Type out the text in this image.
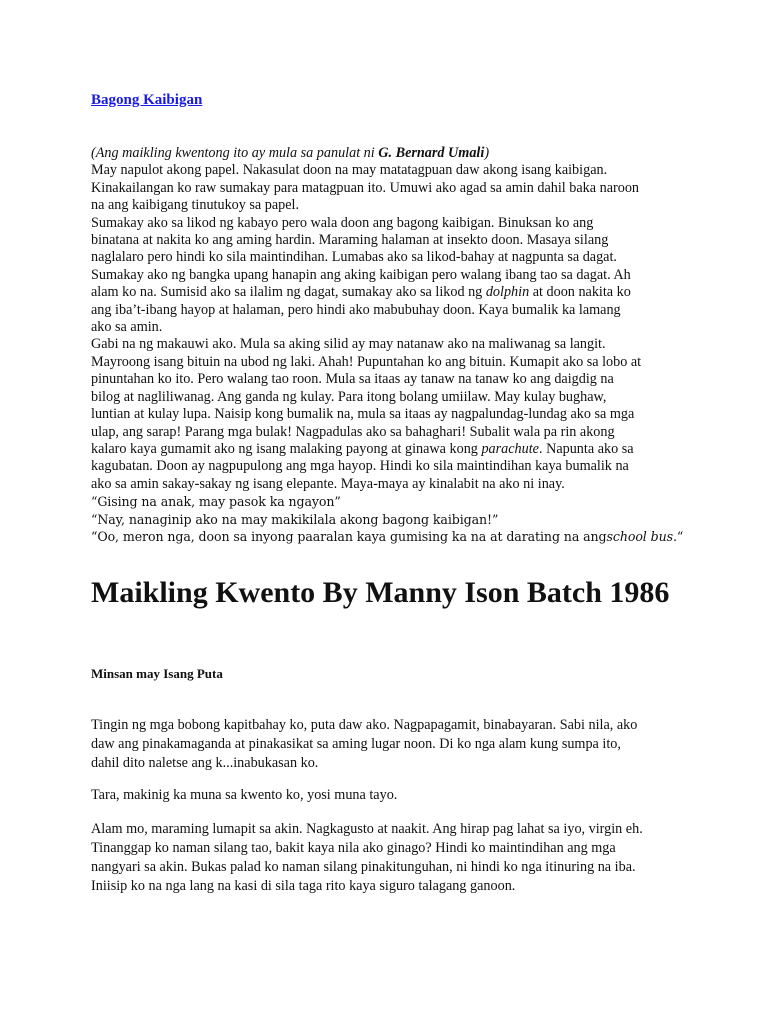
Bagong Kaibigan

(Ang maikling kwentong ito ay mula sa panulat ni G. Bernard Umali)

May napulot akong papel. Nakasulat doon na may matatagpuan daw akong isang kaibigan.
Kinakailangan ko raw sumakay para matagpuan ito. Umuwi ako agad sa amin dahil baka naroon
na ang kaibigang tinutukoy sa papel.

Sumakay ako sa likod ng kabayo pero wala doon ang bagong kaibigan. Binuksan ko ang
binatana at nakita ko ang aming hardin. Maraming halaman at insekto doon. Masaya silang
naglalaro pero hindi ko sila maintindihan. Lumabas ako sa likod-bahay at nagpunta sa dagat.
Sumakay ako ng bangka upang hanapin ang aking kaibigan pero walang ibang tao sa dagat. Ah
alam ko na. Sumisid ako sa ilalim ng dagat, sumakay ako sa likod ng dolphin at doon nakita ko
ang iba’t-ibang hayop at halaman, pero hindi ako mabubuhay doon. Kaya bumalik ka lamang
ako sa amin.

Gabi na ng makauwi ako. Mula sa aking silid ay may natanaw ako na maliwanag sa langit.
Mayroong isang bituin na ubod ng laki. Ahah! Pupuntahan ko ang bituin. Kumapit ako sa lobo at
pinuntahan ko ito. Pero walang tao roon. Mula sa itaas ay tanaw na tanaw ko ang daigdig na
bilog at nagliliwanag. Ang ganda ng kulay. Para itong bolang umiilaw. May kulay bughaw,
luntian at kulay lupa. Naisip kong bumalik na, mula sa itaas ay nagpalundag-lundag ako sa mga
ulap, ang sarap! Parang mga bulak! Nagpadulas ako sa bahaghari! Subalit wala pa rin akong
kalaro kaya gumamit ako ng isang malaking payong at ginawa kong parachute. Napunta ako sa
kagubatan. Doon ay nagpupulong ang mga hayop. Hindi ko sila maintindihan kaya bumalik na
ako sa amin sakay-sakay ng isang elepante. Maya-maya ay kinalabit na ako ni inay.

“Gising na anak, may pasok ka ngayon”

“Nay, nanaginip ako na may makikilala akong bagong kaibigan!”

“Oo, meron nga, doon sa inyong paaralan kaya gumising ka na at darating na angschool bus.“

Maikling Kwento By Manny Ison Batch 1986
Minsan may Isang Puta

Tingin ng mga bobong kapitbahay ko, puta daw ako. Nagpapagamit, binabayaran. Sabi nila, ako
daw ang pinakamaganda at pinakasikat sa aming lugar noon. Di ko nga alam kung sumpa ito,
dahil dito naletse ang k...inabukasan ko.

Tara, makinig ka muna sa kwento ko, yosi muna tayo.

Alam mo, maraming lumapit sa akin. Nagkagusto at naakit. Ang hirap pag lahat sa iyo, virgin eh.
Tinanggap ko naman silang tao, bakit kaya nila ako ginago? Hindi ko maintindihan ang mga
nangyari sa akin. Bukas palad ko naman silang pinakitunguhan, ni hindi ko nga itinuring na iba.
Iniisip ko na nga lang na kasi di sila taga rito kaya siguro talagang ganoon.
